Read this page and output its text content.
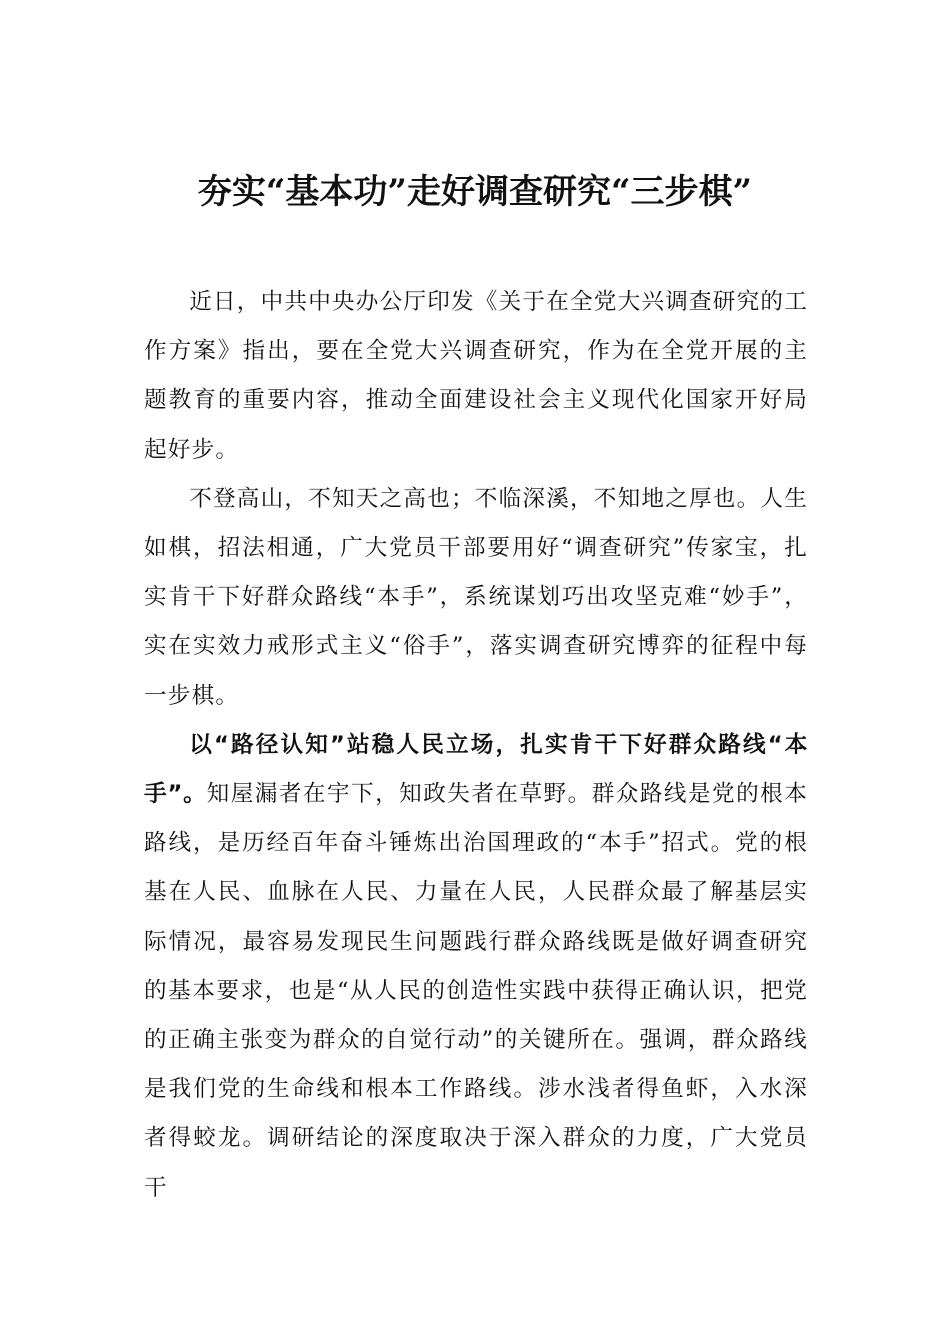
夯实“基本功”走好调查研究“三步棋”

近日，中共中央办公厅印发《关于在全党大兴调查研究的工作方案》指出，要在全党大兴调查研究，作为在全党开展的主题教育的重要内容，推动全面建设社会主义现代化国家开好局起好步。

不登高山，不知天之高也；不临深溪，不知地之厚也。人生如棋，招法相通，广大党员干部要用好“调查研究”传家宝，扎实肯干下好群众路线“本手”，系统谋划巧出攻坚克难“妙手”，实在实效力戒形式主义“俗手”，落实调查研究博弈的征程中每一步棋。

以“路径认知”站稳人民立场，扎实肯干下好群众路线“本手”。知屋漏者在宇下，知政失者在草野。群众路线是党的根本路线，是历经百年奋斗锤炼出治国理政的“本手”招式。党的根基在人民、血脉在人民、力量在人民，人民群众最了解基层实际情况，最容易发现民生问题践行群众路线既是做好调查研究的基本要求，也是“从人民的创造性实践中获得正确认识，把党的正确主张变为群众的自觉行动”的关键所在。强调，群众路线是我们党的生命线和根本工作路线。涉水浅者得鱼虾，入水深者得蛟龙。调研结论的深度取决于深入群众的力度，广大党员干
